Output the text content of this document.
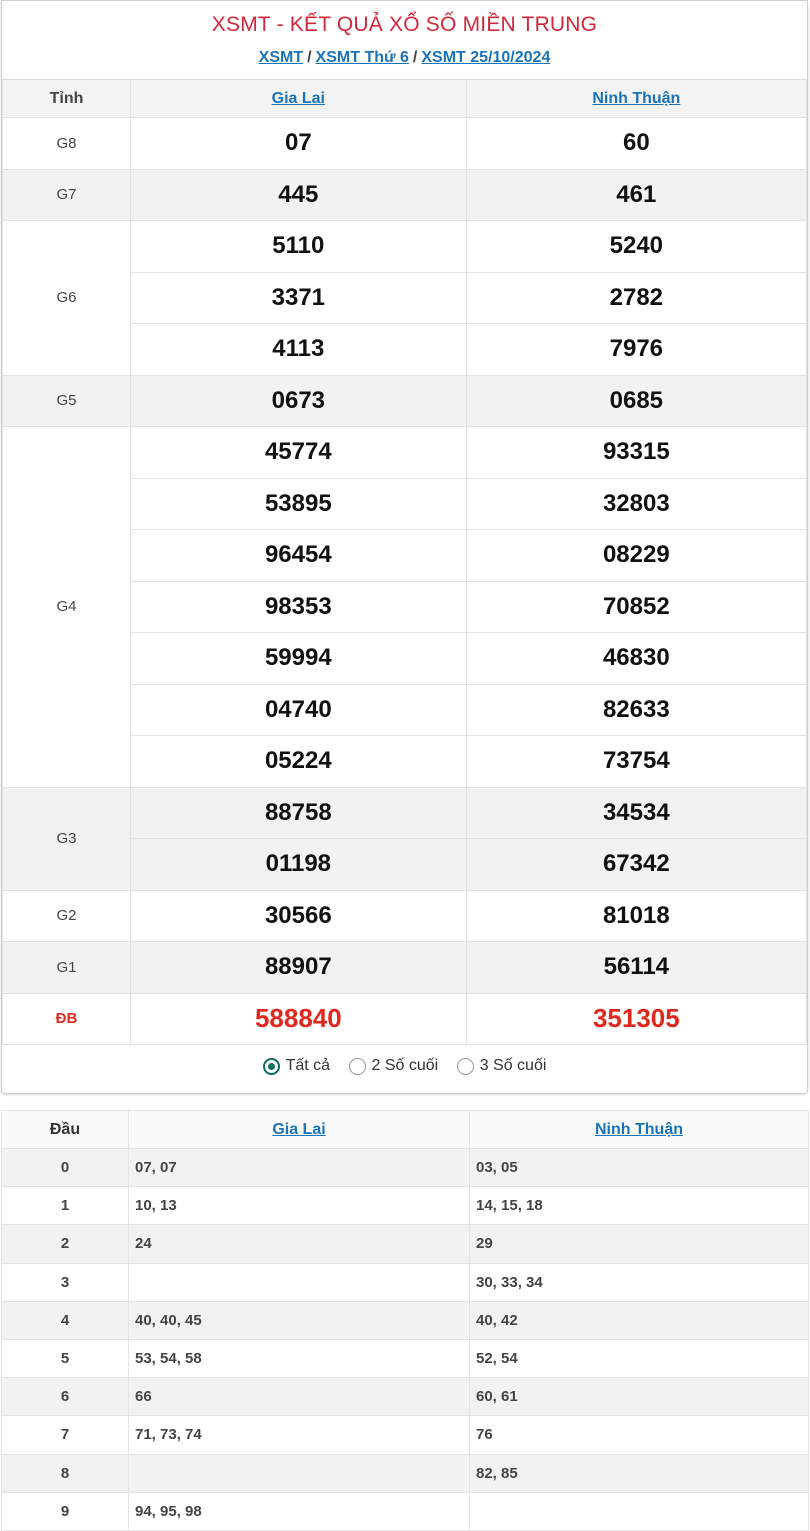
XSMT - KẾT QUẢ XỔ SỐ MIỀN TRUNG
XSMT / XSMT Thứ 6 / XSMT 25/10/2024
Tỉnh	Gia Lai	Ninh Thuận
G8	07	60
G7	445	461
G6	5110	5240
	3371	2782
	4113	7976
G5	0673	0685
G4	45774	93315
	53895	32803
	96454	08229
	98353	70852
	59994	46830
	04740	82633
	05224	73754
G3	88758	34534
	01198	67342
G2	30566	81018
G1	88907	56114
ĐB	588840	351305
Tất cả
	2 Số cuối
	3 Số cuối
Đầu	Gia Lai	Ninh Thuận
0	07, 07	03, 05
1	10, 13	14, 15, 18
2	24	29
3		30, 33, 34
4	40, 40, 45	40, 42
5	53, 54, 58	52, 54
6	66	60, 61
7	71, 73, 74	76
8		82, 85
9	94, 95, 98	
